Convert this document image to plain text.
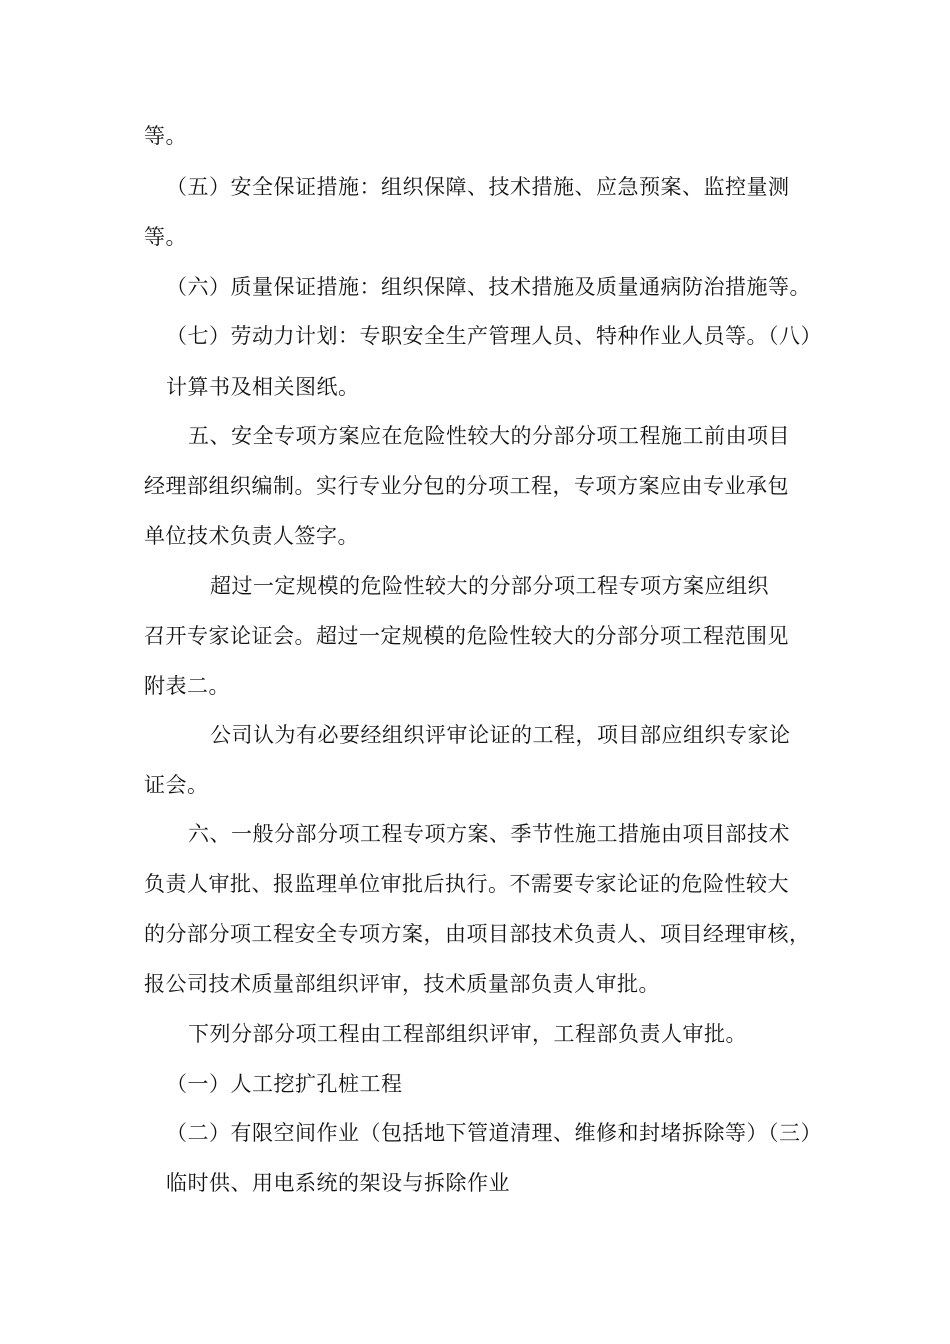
等。
（五）安全保证措施：组织保障、技术措施、应急预案、监控量测
等。
（六）质量保证措施：组织保障、技术措施及质量通病防治措施等。
（七）劳动力计划：专职安全生产管理人员、特种作业人员等。（八）
计算书及相关图纸。
五、安全专项方案应在危险性较大的分部分项工程施工前由项目
经理部组织编制。实行专业分包的分项工程，专项方案应由专业承包
单位技术负责人签字。
超过一定规模的危险性较大的分部分项工程专项方案应组织
召开专家论证会。超过一定规模的危险性较大的分部分项工程范围见
附表二。
公司认为有必要经组织评审论证的工程，项目部应组织专家论
证会。
六、一般分部分项工程专项方案、季节性施工措施由项目部技术
负责人审批、报监理单位审批后执行。不需要专家论证的危险性较大
的分部分项工程安全专项方案，由项目部技术负责人、项目经理审核，
报公司技术质量部组织评审，技术质量部负责人审批。
下列分部分项工程由工程部组织评审，工程部负责人审批。
（一）人工挖扩孔桩工程
（二）有限空间作业（包括地下管道清理、维修和封堵拆除等）（三）
临时供、用电系统的架设与拆除作业
